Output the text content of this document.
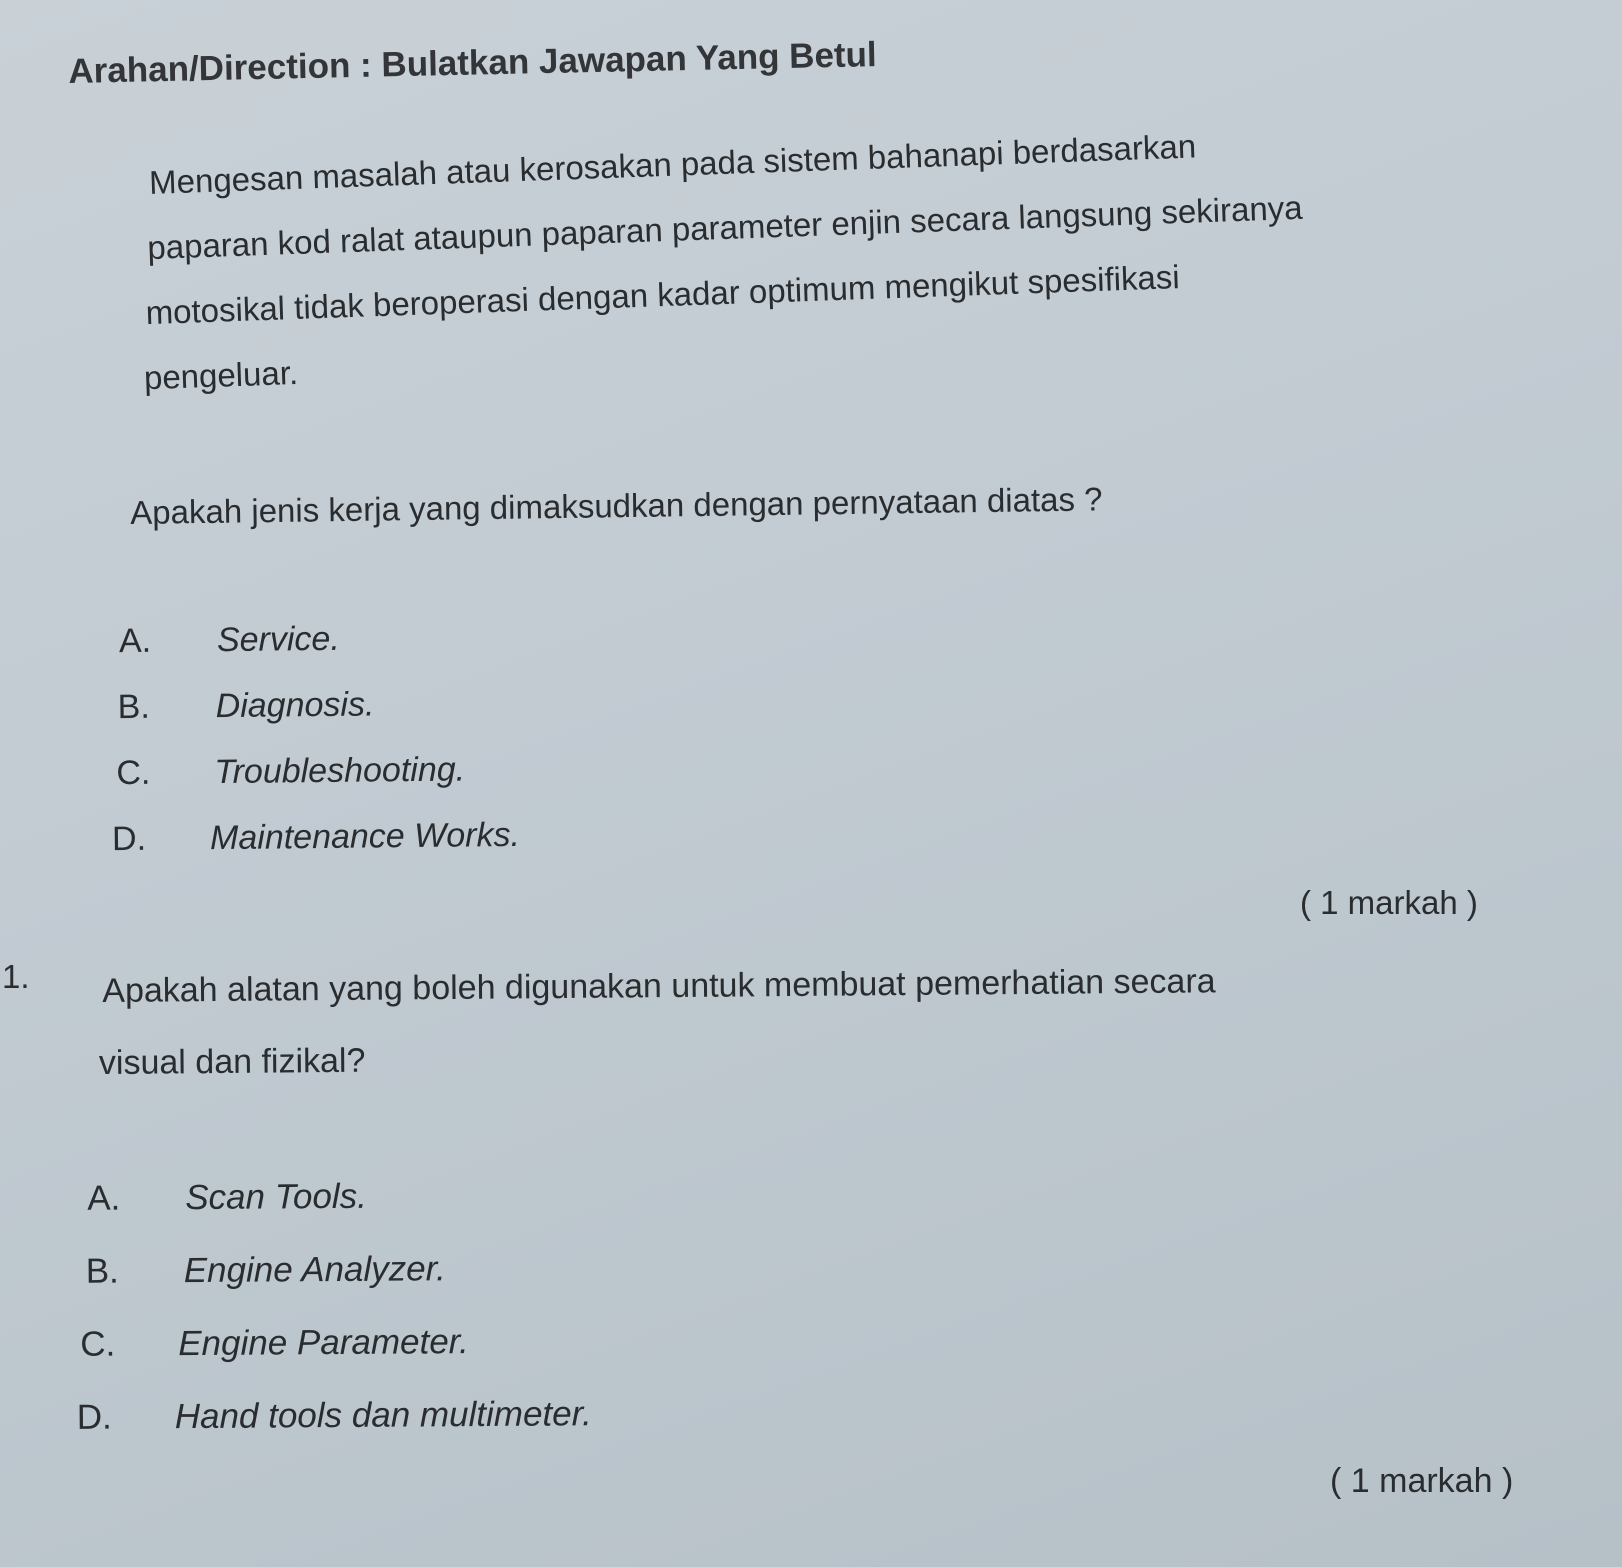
Arahan/Direction : Bulatkan Jawapan Yang Betul
Mengesan masalah atau kerosakan pada sistem bahanapi berdasarkan
paparan kod ralat ataupun paparan parameter enjin secara langsung sekiranya
motosikal tidak beroperasi dengan kadar optimum mengikut spesifikasi
pengeluar.
Apakah jenis kerja yang dimaksudkan dengan pernyataan diatas ?
A. Service.
B. Diagnosis.
C. Troubleshooting.
D. Maintenance Works.
( 1 markah )
1. Apakah alatan yang boleh digunakan untuk membuat pemerhatian secara
visual dan fizikal?
A. Scan Tools.
B. Engine Analyzer.
C. Engine Parameter.
D. Hand tools dan multimeter.
( 1 markah )
